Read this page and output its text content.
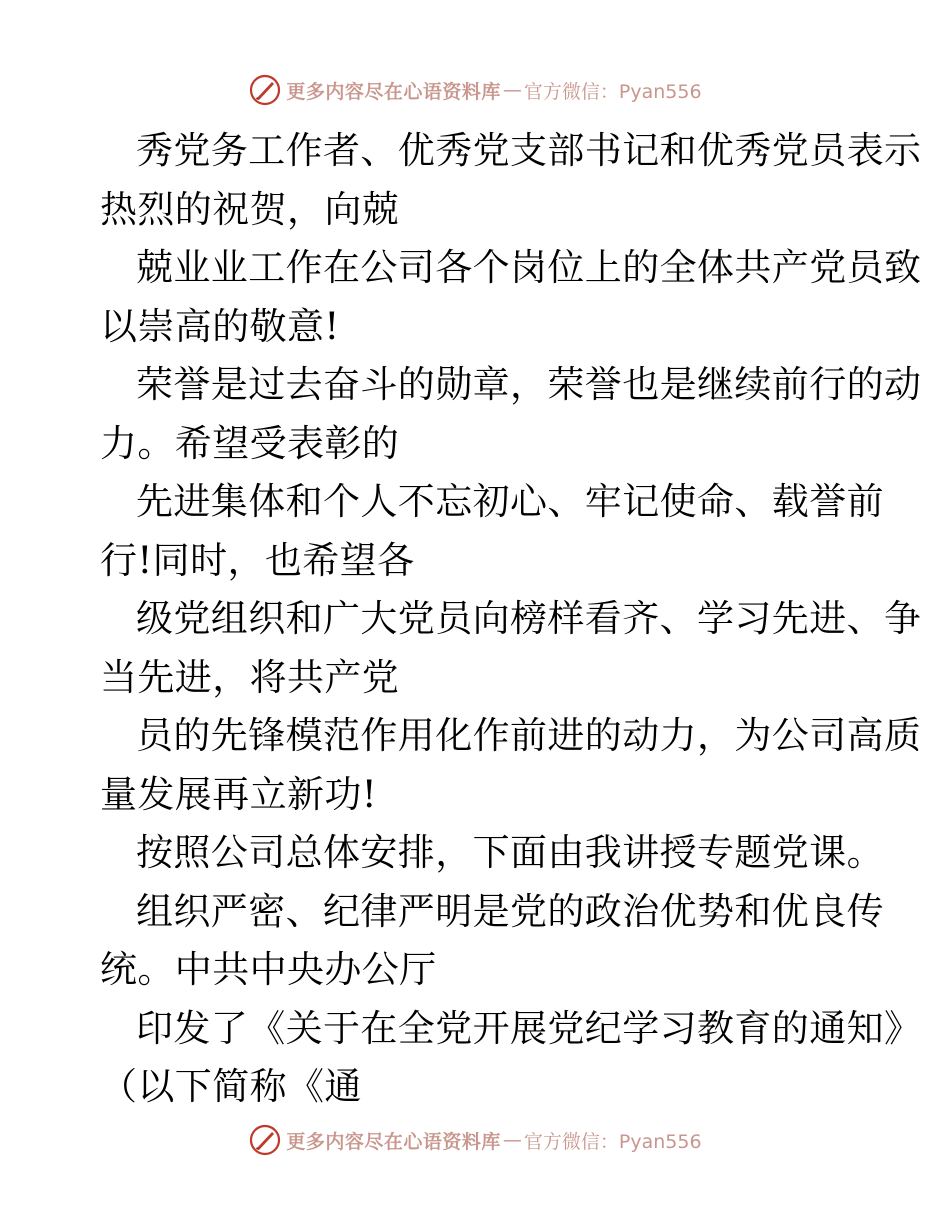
更多内容尽在心语资料库 — 官方微信：Pyan556
秀党务工作者、优秀党支部书记和优秀党员表示
热烈的祝贺，向兢
兢业业工作在公司各个岗位上的全体共产党员致
以崇高的敬意!
荣誉是过去奋斗的勋章，荣誉也是继续前行的动
力。希望受表彰的
先进集体和个人不忘初心、牢记使命、载誉前
行!同时，也希望各
级党组织和广大党员向榜样看齐、学习先进、争
当先进，将共产党
员的先锋模范作用化作前进的动力，为公司高质
量发展再立新功!
按照公司总体安排，下面由我讲授专题党课。
组织严密、纪律严明是党的政治优势和优良传
统。中共中央办公厅
印发了《关于在全党开展党纪学习教育的通知》
（以下简称《通
更多内容尽在心语资料库 — 官方微信：Pyan556
